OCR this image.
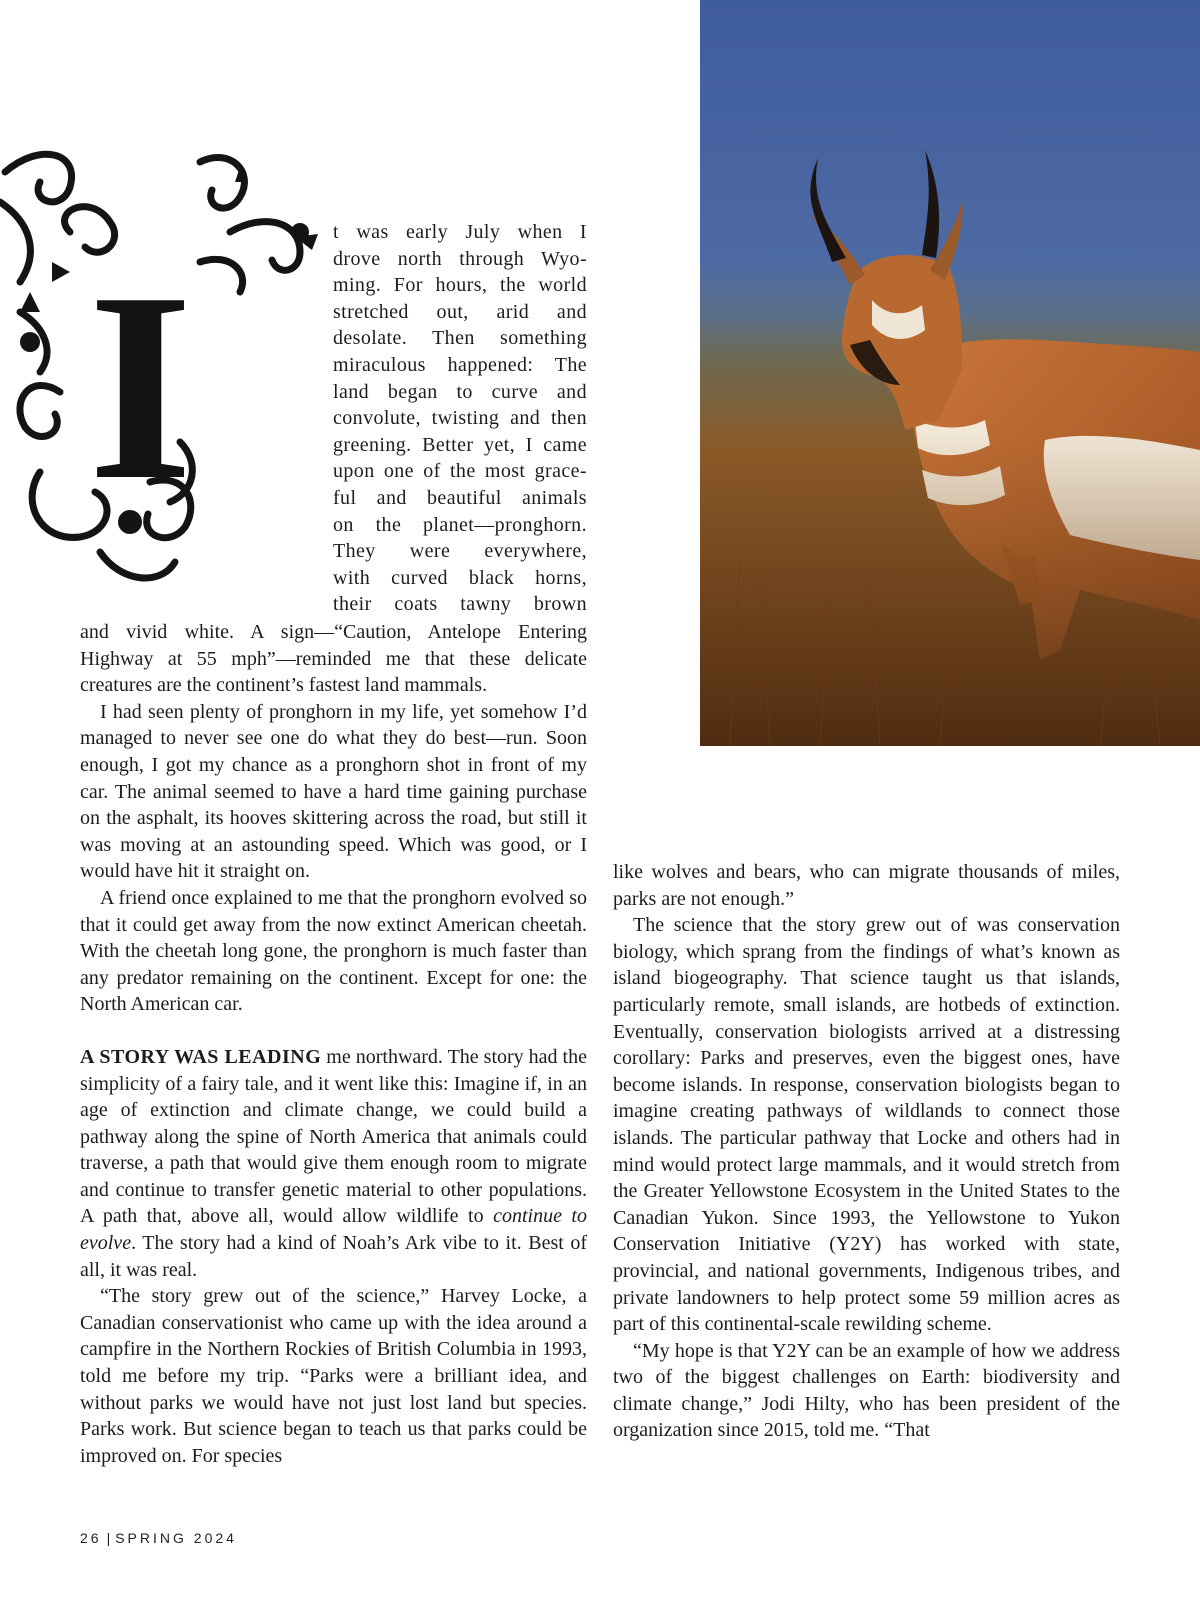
I
t was early July when I
drove north through Wyo-
ming. For hours, the world
stretched out, arid and
desolate. Then something
miraculous happened: The
land began to curve and
convolute, twisting and then
greening. Better yet, I came
upon one of the most grace-
ful and beautiful animals
on the planet—pronghorn.
They were everywhere,
with curved black horns,
their coats tawny brown

and vivid white. A sign—“Caution, Antelope Entering Highway at 55 mph”—reminded me that these delicate creatures are the continent’s fastest land mammals.

I had seen plenty of pronghorn in my life, yet somehow I’d managed to never see one do what they do best—run. Soon enough, I got my chance as a pronghorn shot in front of my car. The animal seemed to have a hard time gaining purchase on the asphalt, its hooves skittering across the road, but still it was moving at an astounding speed. Which was good, or I would have hit it straight on.

A friend once explained to me that the pronghorn evolved so that it could get away from the now extinct American cheetah. With the cheetah long gone, the pronghorn is much faster than any predator remaining on the continent. Except for one: the North American car.

A STORY WAS LEADING me northward. The story had the simplicity of a fairy tale, and it went like this: Imagine if, in an age of extinction and climate change, we could build a pathway along the spine of North America that animals could traverse, a path that would give them enough room to migrate and continue to transfer genetic material to other populations. A path that, above all, would allow wildlife to continue to evolve. The story had a kind of Noah’s Ark vibe to it. Best of all, it was real.

“The story grew out of the science,” Harvey Locke, a Canadian conservationist who came up with the idea around a campfire in the Northern Rockies of British Columbia in 1993, told me before my trip. “Parks were a brilliant idea, and without parks we would have not just lost land but species. Parks work. But science began to teach us that parks could be improved on. For species

like wolves and bears, who can migrate thousands of miles, parks are not enough.”

The science that the story grew out of was conservation biology, which sprang from the findings of what’s known as island biogeography. That science taught us that islands, particularly remote, small islands, are hotbeds of extinction. Eventually, conservation biologists arrived at a distressing corollary: Parks and preserves, even the biggest ones, have become islands. In response, conservation biologists began to imagine creating pathways of wildlands to connect those islands. The particular pathway that Locke and others had in mind would protect large mammals, and it would stretch from the Greater Yellowstone Ecosystem in the United States to the Canadian Yukon. Since 1993, the Yellowstone to Yukon Conservation Initiative (Y2Y) has worked with state, provincial, and national governments, Indigenous tribes, and private landowners to help protect some 59 million acres as part of this continental-scale rewilding scheme.

“My hope is that Y2Y can be an example of how we address two of the biggest challenges on Earth: biodiversity and climate change,” Jodi Hilty, who has been president of the organization since 2015, told me. “That

26 | SPRING 2024
